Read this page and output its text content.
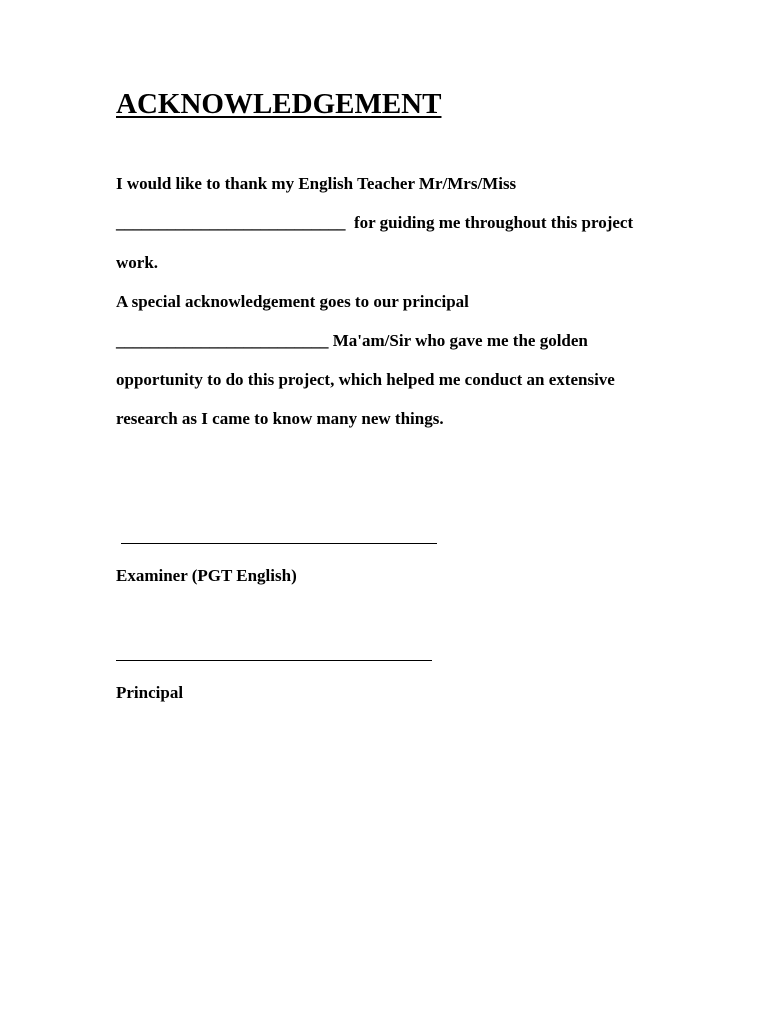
ACKNOWLEDGEMENT

I would like to thank my English Teacher Mr/Mrs/Miss

___________________________  for guiding me throughout this project

work.

A special acknowledgement goes to our principal

_________________________ Ma'am/Sir who gave me the golden

opportunity to do this project, which helped me conduct an extensive

research as I came to know many new things.

Examiner (PGT English)

Principal
